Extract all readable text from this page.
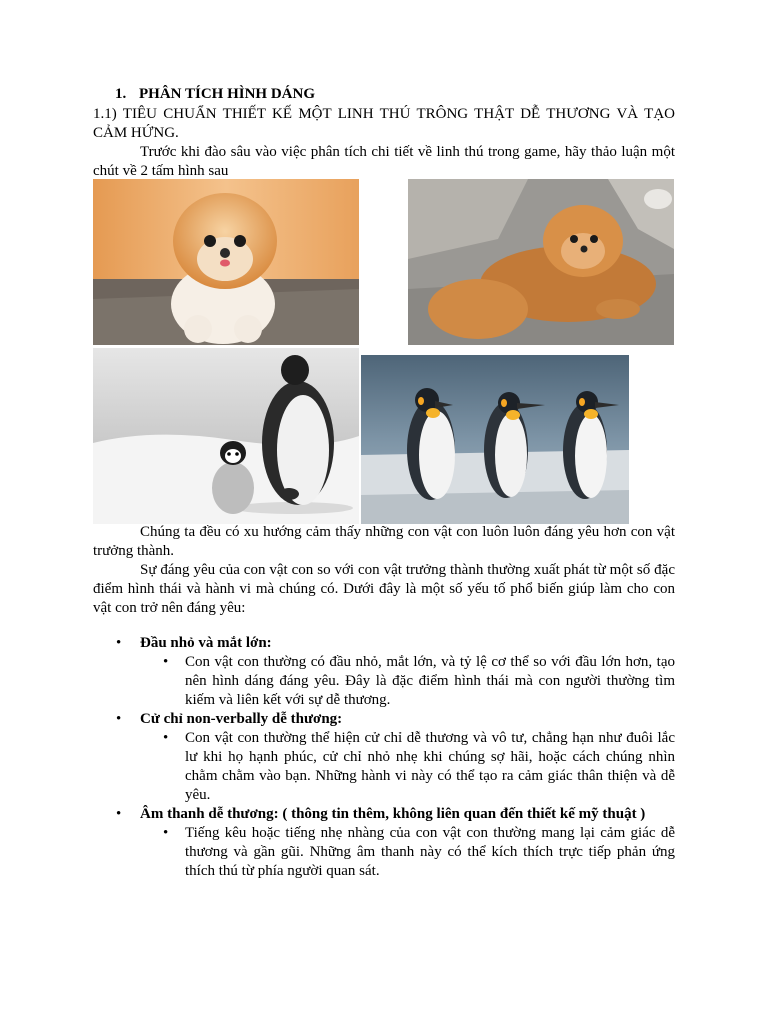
1. PHÂN TÍCH HÌNH DÁNG
1.1) TIÊU CHUẨN THIẾT KẾ MỘT LINH THÚ TRÔNG THẬT DỄ THƯƠNG VÀ TẠO CẢM HỨNG.
Trước khi đào sâu vào việc phân tích chi tiết về linh thú trong game, hãy thảo luận một chút về 2 tấm hình sau
Chúng ta đều có xu hướng cảm thấy những con vật con luôn luôn đáng yêu hơn con vật trưởng thành.
Sự đáng yêu của con vật con so với con vật trưởng thành thường xuất phát từ một số đặc điểm hình thái và hành vi mà chúng có. Dưới đây là một số yếu tố phổ biến giúp làm cho con vật con trở nên đáng yêu:
• Đầu nhỏ và mắt lớn:
• Con vật con thường có đầu nhỏ, mắt lớn, và tỷ lệ cơ thể so với đầu lớn hơn, tạo nên hình dáng đáng yêu. Đây là đặc điểm hình thái mà con người thường tìm kiếm và liên kết với sự dễ thương.
• Cử chỉ non-verbally dễ thương:
• Con vật con thường thể hiện cử chỉ dễ thương và vô tư, chẳng hạn như đuôi lắc lư khi họ hạnh phúc, cử chỉ nhỏ nhẹ khi chúng sợ hãi, hoặc cách chúng nhìn chằm chằm vào bạn. Những hành vi này có thể tạo ra cảm giác thân thiện và dễ yêu.
• Âm thanh dễ thương: ( thông tin thêm, không liên quan đến thiết kế mỹ thuật )
• Tiếng kêu hoặc tiếng nhẹ nhàng của con vật con thường mang lại cảm giác dễ thương và gần gũi. Những âm thanh này có thể kích thích trực tiếp phản ứng thích thú từ phía người quan sát.
